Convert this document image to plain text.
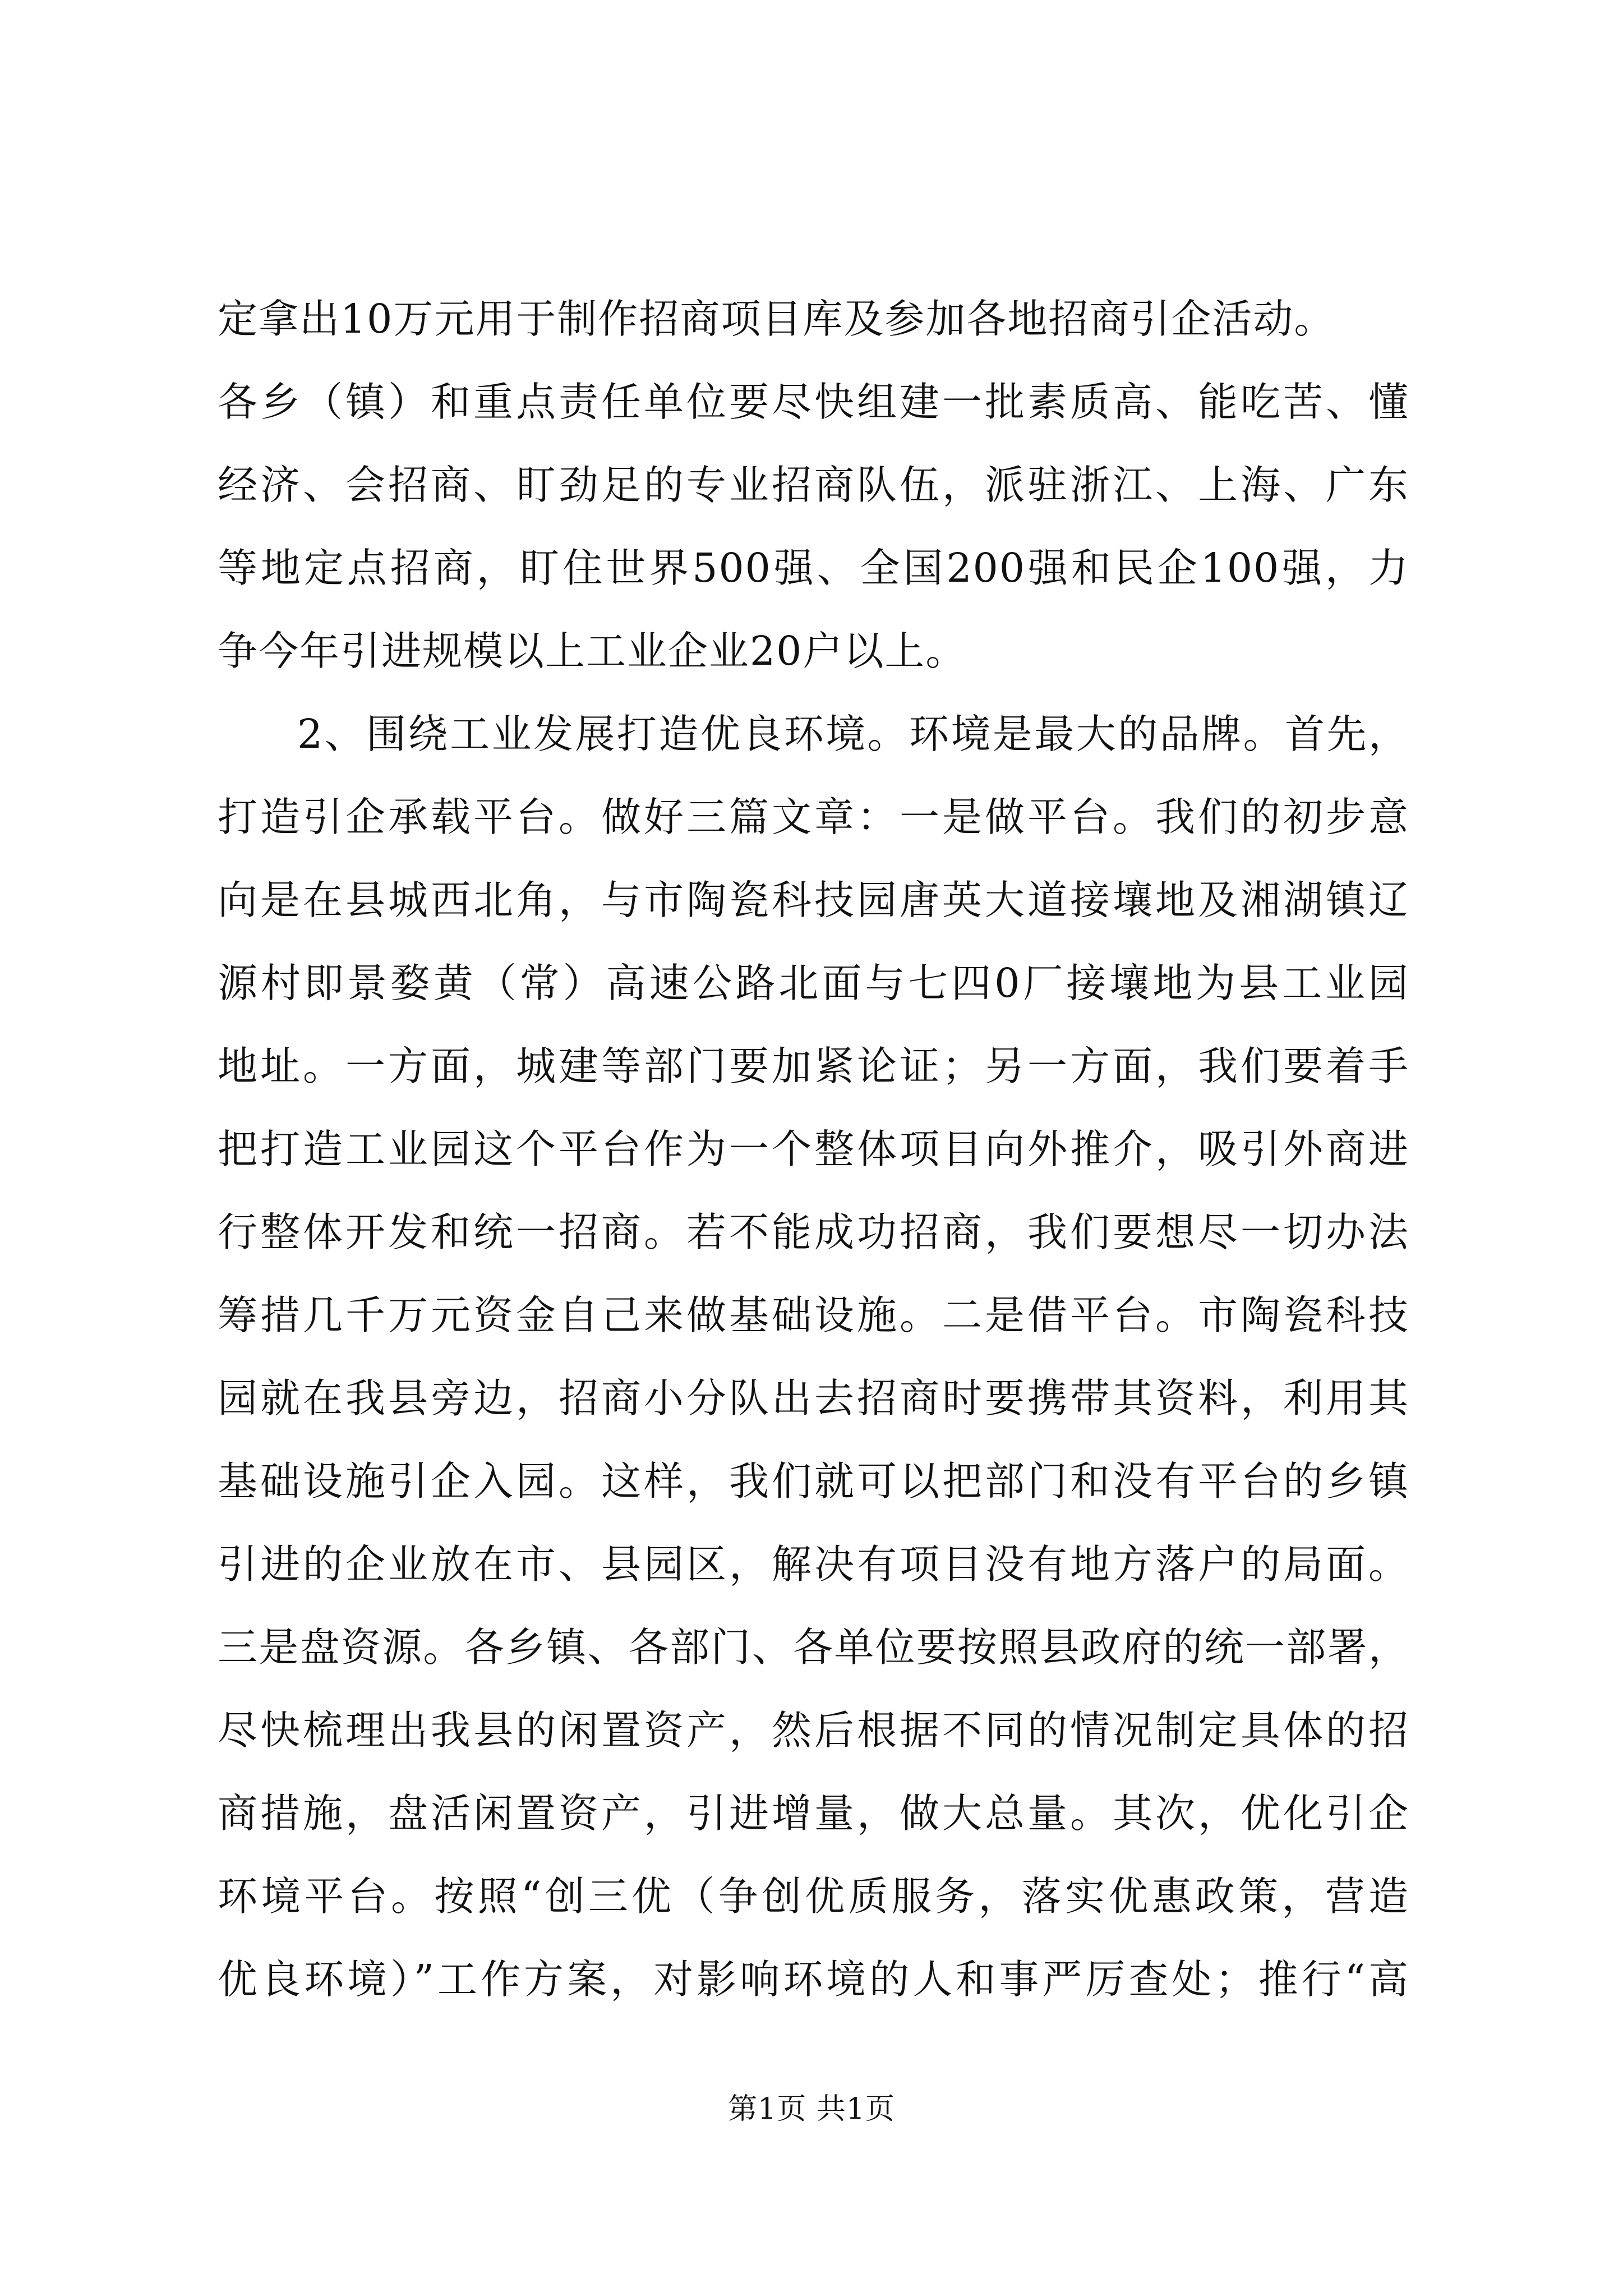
定拿出10万元用于制作招商项目库及参加各地招商引企活动。
各乡（镇）和重点责任单位要尽快组建一批素质高、能吃苦、懂
经济、会招商、盯劲足的专业招商队伍，派驻浙江、上海、广东
等地定点招商，盯住世界500强、全国200强和民企100强，力
争今年引进规模以上工业企业20户以上。
2、围绕工业发展打造优良环境。环境是最大的品牌。首先，
打造引企承载平台。做好三篇文章：一是做平台。我们的初步意
向是在县城西北角，与市陶瓷科技园唐英大道接壤地及湘湖镇辽
源村即景婺黄（常）高速公路北面与七四0厂接壤地为县工业园
地址。一方面，城建等部门要加紧论证；另一方面，我们要着手
把打造工业园这个平台作为一个整体项目向外推介，吸引外商进
行整体开发和统一招商。若不能成功招商，我们要想尽一切办法
筹措几千万元资金自己来做基础设施。二是借平台。市陶瓷科技
园就在我县旁边，招商小分队出去招商时要携带其资料，利用其
基础设施引企入园。这样，我们就可以把部门和没有平台的乡镇
引进的企业放在市、县园区，解决有项目没有地方落户的局面。
三是盘资源。各乡镇、各部门、各单位要按照县政府的统一部署，
尽快梳理出我县的闲置资产，然后根据不同的情况制定具体的招
商措施，盘活闲置资产，引进增量，做大总量。其次，优化引企
环境平台。按照“创三优（争创优质服务，落实优惠政策，营造
优良环境）”工作方案，对影响环境的人和事严厉查处；推行“高
第1页 共1页
